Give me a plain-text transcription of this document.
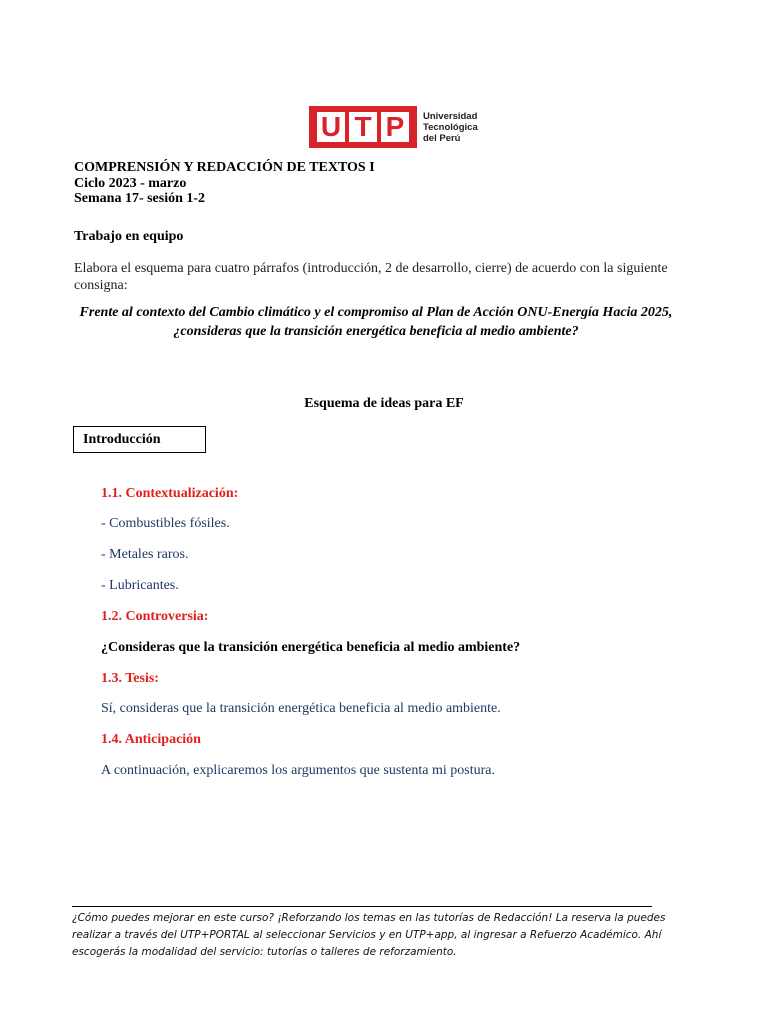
U T P	Universidad
Tecnológica
del Perú
COMPRENSIÓN Y REDACCIÓN DE TEXTOS I
Ciclo 2023 - marzo
Semana 17- sesión 1-2
Trabajo en equipo
Elabora el esquema para cuatro párrafos (introducción, 2 de desarrollo, cierre) de acuerdo con la siguiente consigna:
Frente al contexto del Cambio climático y el compromiso al Plan de Acción ONU-Energía Hacia 2025,
¿consideras que la transición energética beneficia al medio ambiente?
Esquema de ideas para EF
Introducción
1.1. Contextualización:
- Combustibles fósiles.
- Metales raros.
- Lubricantes.
1.2. Controversia:
¿Consideras que la transición energética beneficia al medio ambiente?
1.3. Tesis:
Sí, consideras que la transición energética beneficia al medio ambiente.
1.4. Anticipación
A continuación, explicaremos los argumentos que sustenta mi postura.
¿Cómo puedes mejorar en este curso? ¡Reforzando los temas en las tutorías de Redacción! La reserva la puedes
realizar a través del UTP+PORTAL al seleccionar Servicios y en UTP+app, al ingresar a Refuerzo Académico. Ahí
escogerás la modalidad del servicio: tutorías o talleres de reforzamiento.
